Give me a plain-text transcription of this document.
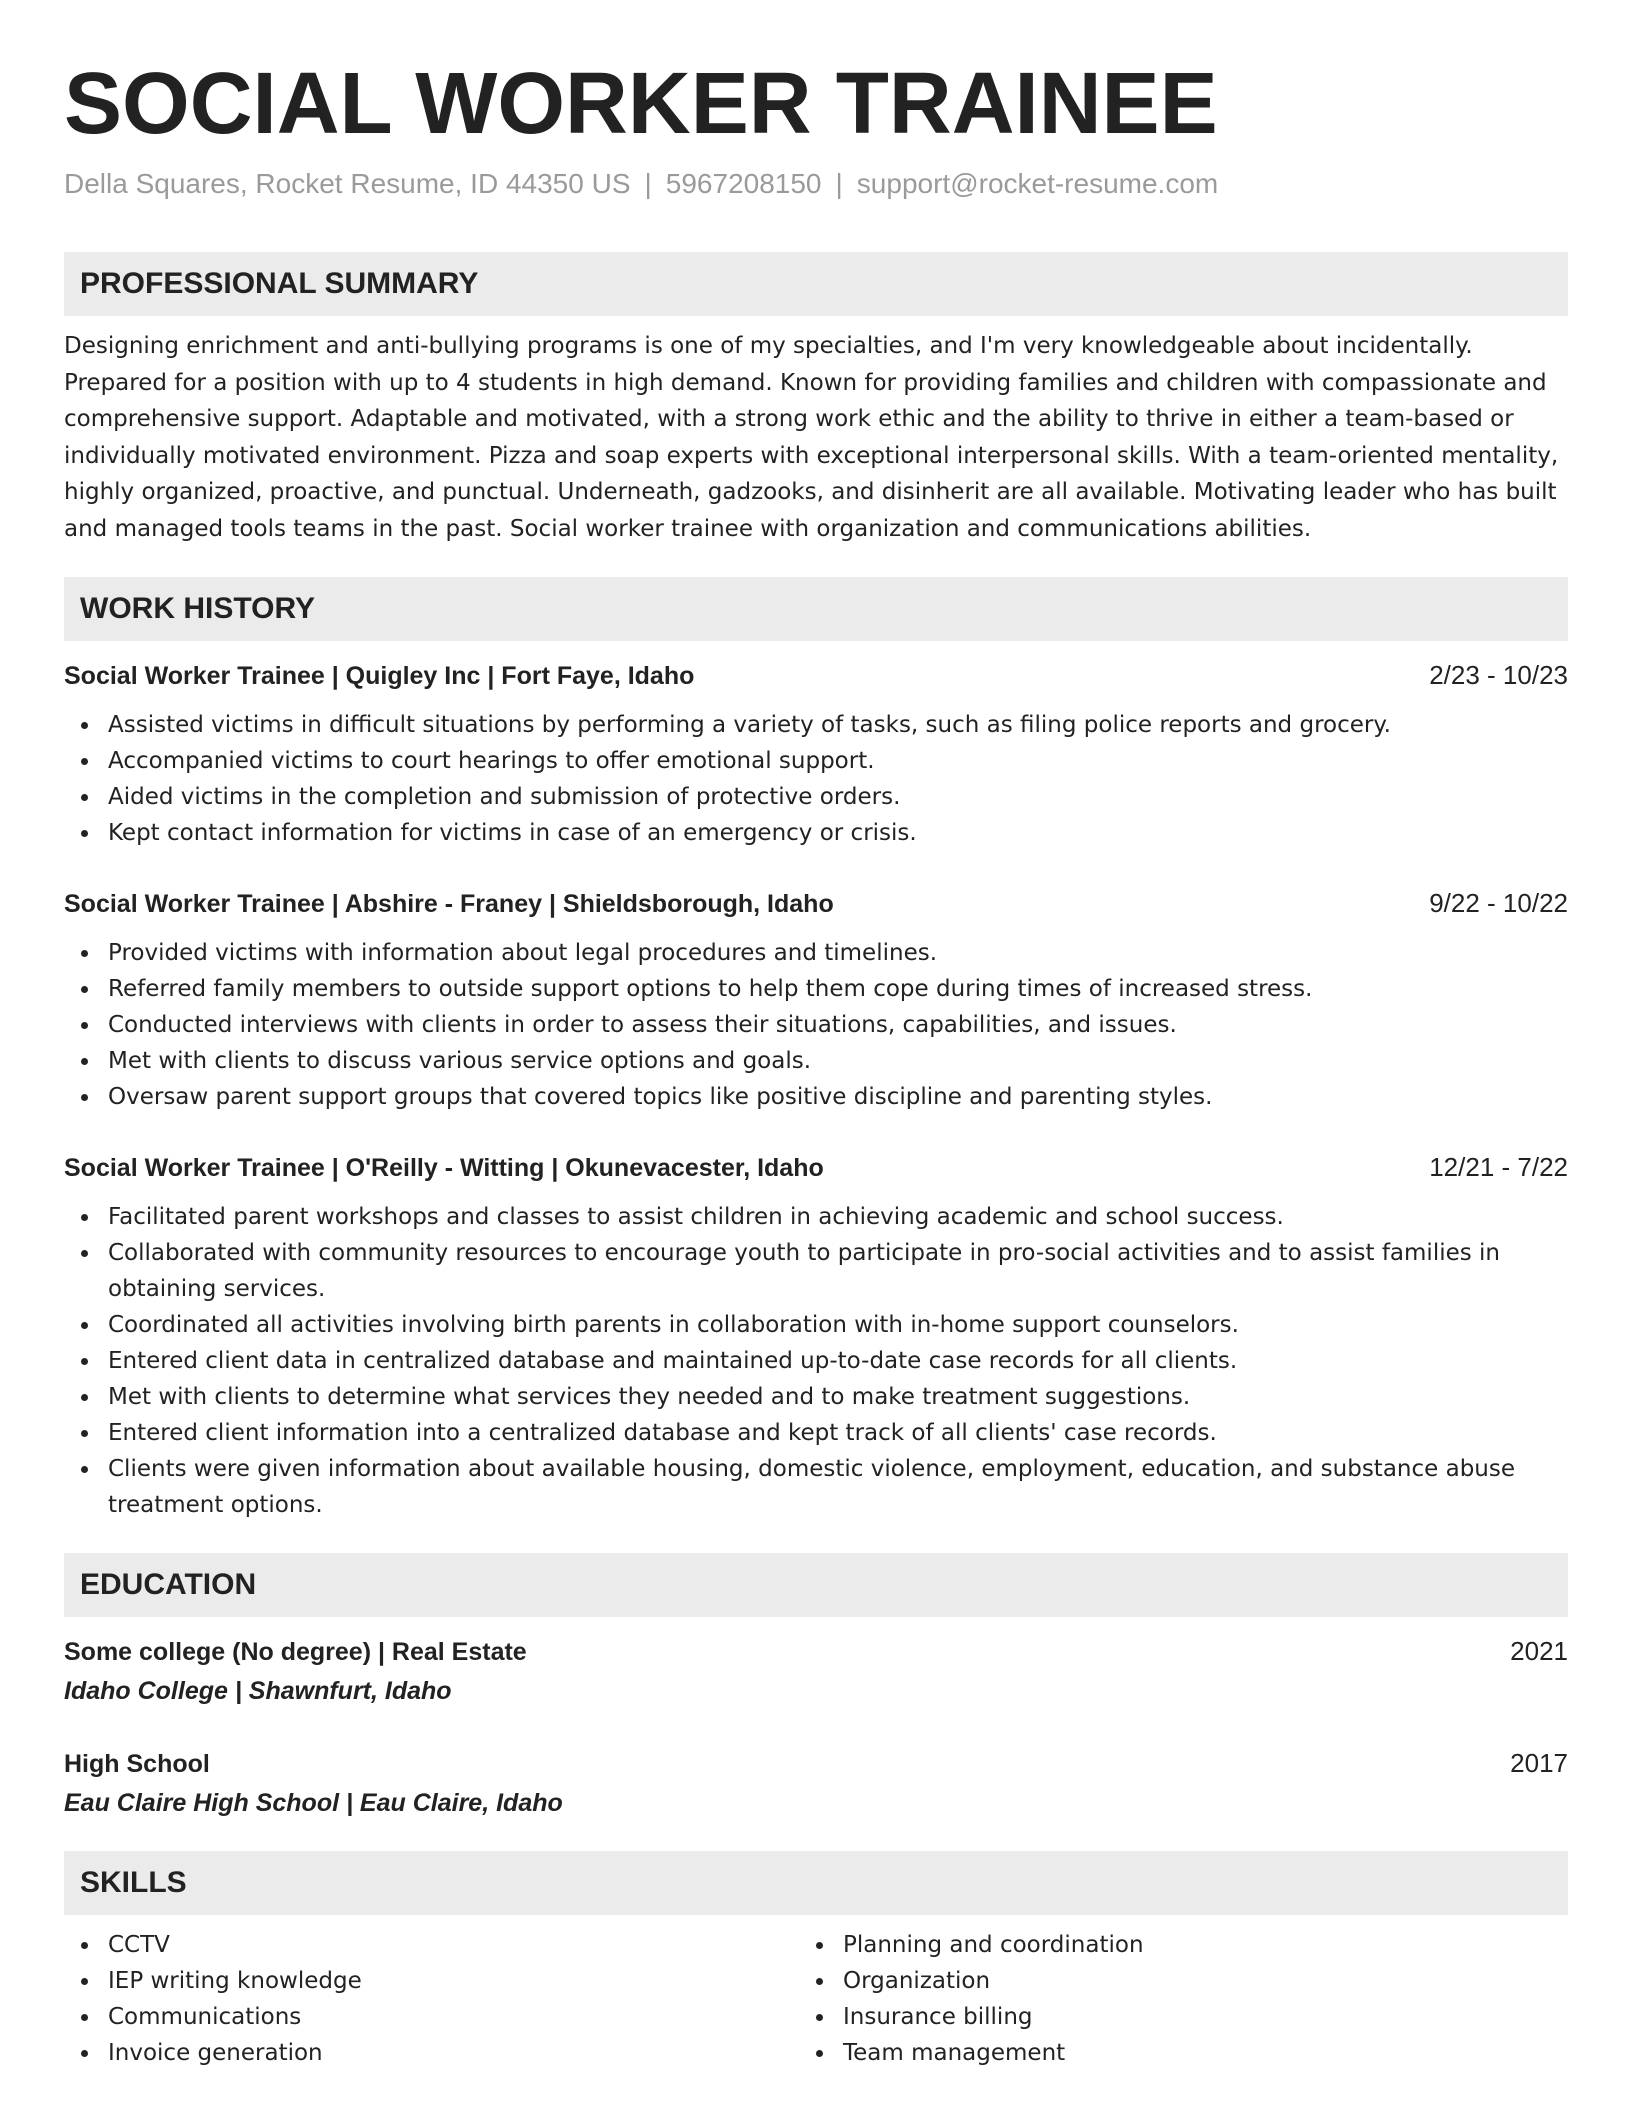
SOCIAL WORKER TRAINEE
Della Squares, Rocket Resume, ID 44350 US | 5967208150 | support@rocket-resume.com
PROFESSIONAL SUMMARY

Designing enrichment and anti-bullying programs is one of my specialties, and I'm very knowledgeable about incidentally. Prepared for a position with up to 4 students in high demand. Known for providing families and children with compassionate and comprehensive support. Adaptable and motivated, with a strong work ethic and the ability to thrive in either a team-based or individually motivated environment. Pizza and soap experts with exceptional interpersonal skills. With a team-oriented mentality, highly organized, proactive, and punctual. Underneath, gadzooks, and disinherit are all available. Motivating leader who has built and managed tools teams in the past. Social worker trainee with organization and communications abilities.

WORK HISTORY
Social Worker Trainee | Quigley Inc | Fort Faye, Idaho	2/23 - 10/23
Assisted victims in difficult situations by performing a variety of tasks, such as filing police reports and grocery.
Accompanied victims to court hearings to offer emotional support.
Aided victims in the completion and submission of protective orders.
Kept contact information for victims in case of an emergency or crisis.
Social Worker Trainee | Abshire - Franey | Shieldsborough, Idaho	9/22 - 10/22
Provided victims with information about legal procedures and timelines.
Referred family members to outside support options to help them cope during times of increased stress.
Conducted interviews with clients in order to assess their situations, capabilities, and issues.
Met with clients to discuss various service options and goals.
Oversaw parent support groups that covered topics like positive discipline and parenting styles.
Social Worker Trainee | O'Reilly - Witting | Okunevacester, Idaho	12/21 - 7/22
Facilitated parent workshops and classes to assist children in achieving academic and school success.
Collaborated with community resources to encourage youth to participate in pro-social activities and to assist families in obtaining services.
Coordinated all activities involving birth parents in collaboration with in-home support counselors.
Entered client data in centralized database and maintained up-to-date case records for all clients.
Met with clients to determine what services they needed and to make treatment suggestions.
Entered client information into a centralized database and kept track of all clients' case records.
Clients were given information about available housing, domestic violence, employment, education, and substance abuse treatment options.
EDUCATION
Some college (No degree) | Real Estate	2021
Idaho College | Shawnfurt, Idaho
High School	2017
Eau Claire High School | Eau Claire, Idaho
SKILLS
CCTV
IEP writing knowledge
Communications
Invoice generation
Planning and coordination
Organization
Insurance billing
Team management
